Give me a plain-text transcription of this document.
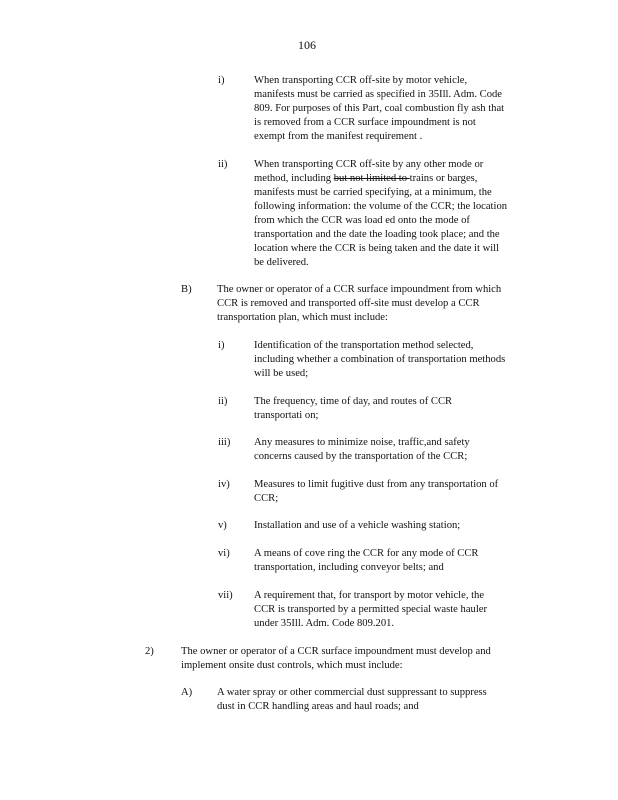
106
i)	When transporting CCR off-site by motor vehicle,
manifests must be carried as specified in 35Ill. Adm. Code
809. For purposes of this Part, coal combustion fly ash that
is removed from a CCR surface impoundment is not
exempt from the manifest requirement .
ii)	When transporting CCR off-site by any other mode or
method, including but not limited to trains or barges,
manifests must be carried specifying, at a minimum, the
following information: the volume of the CCR; the location
from which the CCR was load ed onto the mode of
transportation and the date the loading took place; and the
location where the CCR is being taken and the date it will
be delivered.
B) The owner or operator of a CCR surface impoundment from which
CCR is removed and transported off-site must develop a CCR
transportation plan, which must include:
i)	Identification of the transportation method selected,
including whether a combination of transportation methods
will be used;
ii)	The frequency, time of day, and routes of CCR
transportati on;
iii) Any measures to minimize noise, traffic,and safety
concerns caused by the transportation of the CCR;
iv) Measures to limit fugitive dust from any transportation of
CCR;
v)	Installation and use of a vehicle washing station;
vi) A means of cove ring the CCR for any mode of CCR
transportation, including conveyor belts; and
vii) A requirement that, for transport by motor vehicle, the
CCR is transported by a permitted special waste hauler
under 35Ill. Adm. Code 809.201.
2)	The owner or operator of a CCR surface impoundment must develop and
implement onsite dust controls, which must include:
A) A water spray or other commercial dust suppressant to suppress
dust in CCR handling areas and haul roads; and
